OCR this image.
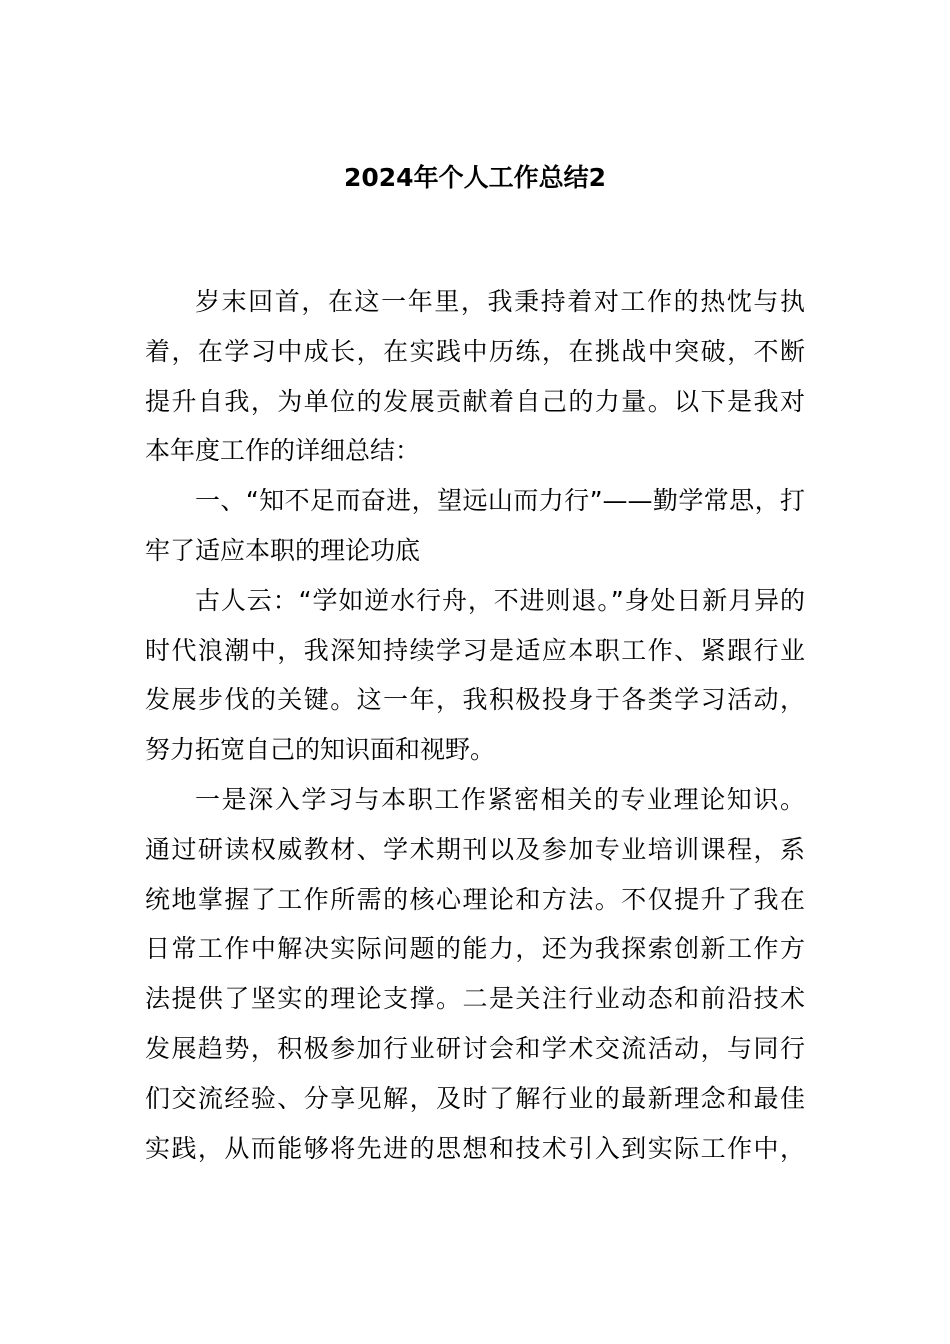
2024年个人工作总结2
岁末回首，在这一年里，我秉持着对工作的热忱与执
着，在学习中成长，在实践中历练，在挑战中突破，不断
提升自我，为单位的发展贡献着自己的力量。以下是我对
本年度工作的详细总结：
一、“知不足而奋进，望远山而力行”——勤学常思，打
牢了适应本职的理论功底
古人云：“学如逆水行舟，不进则退。”身处日新月异的
时代浪潮中，我深知持续学习是适应本职工作、紧跟行业
发展步伐的关键。这一年，我积极投身于各类学习活动，
努力拓宽自己的知识面和视野。
一是深入学习与本职工作紧密相关的专业理论知识。
通过研读权威教材、学术期刊以及参加专业培训课程，系
统地掌握了工作所需的核心理论和方法。不仅提升了我在
日常工作中解决实际问题的能力，还为我探索创新工作方
法提供了坚实的理论支撑。二是关注行业动态和前沿技术
发展趋势，积极参加行业研讨会和学术交流活动，与同行
们交流经验、分享见解，及时了解行业的最新理念和最佳
实践，从而能够将先进的思想和技术引入到实际工作中，
